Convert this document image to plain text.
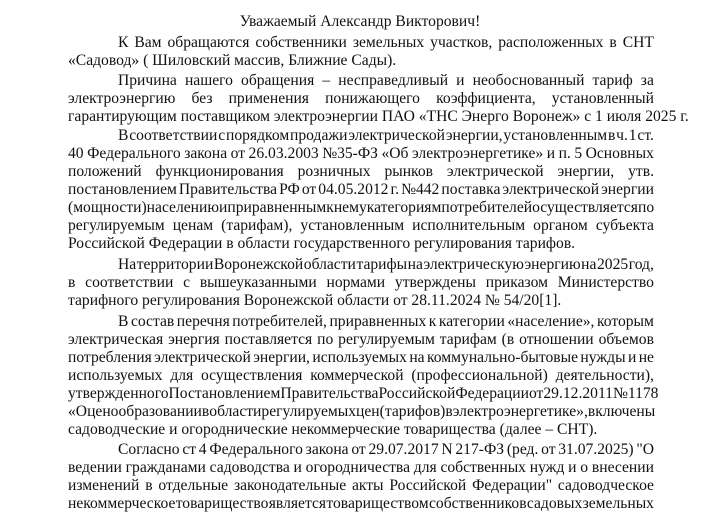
Уважаемый Александр Викторович!
К Вам обращаются собственники земельных участков, расположенных в СНТ
«Садовод» ( Шиловский массив, Ближние Сады).
Причина нашего обращения – несправедливый и необоснованный тариф за
электроэнергию без применения понижающего коэффициента, установленный
гарантирующим поставщиком электроэнергии ПАО «ТНС Энерго Воронеж» с 1 июля 2025 г.
В соответствии с порядком продажи электрической энергии, установленным в ч. 1 ст.
40 Федерального закона от 26.03.2003 №35-ФЗ «Об электроэнергетике» и п. 5 Основных
положений функционирования розничных рынков электрической энергии, утв.
постановлением Правительства РФ от 04.05.2012 г. №442 поставка электрической энергии
(мощности) населению и приравненным к нему категориям потребителей осуществляется по
регулируемым ценам (тарифам), установленным исполнительным органом субъекта
Российской Федерации в области государственного регулирования тарифов.
На территории Воронежской области тарифы на электрическую энергию на 2025 год,
в соответствии с вышеуказанными нормами утверждены приказом Министерство
тарифного регулирования Воронежской области от 28.11.2024 № 54/20[1].
В состав перечня потребителей, приравненных к категории «население», которым
электрическая энергия поставляется по регулируемым тарифам (в отношении объемов
потребления электрической энергии, используемых на коммунально-бытовые нужды и не
используемых для осуществления коммерческой (профессиональной) деятельности),
утвержденного Постановлением Правительства Российской Федерации от 29.12.2011 № 1178
«О ценообразовании в области регулируемых цен (тарифов) в электроэнергетике», включены
садоводческие и огороднические некоммерческие товарищества (далее – СНТ).
Согласно ст 4 Федерального закона от 29.07.2017 N 217-ФЗ (ред. от 31.07.2025) "О
ведении гражданами садоводства и огородничества для собственных нужд и о внесении
изменений в отдельные законодательные акты Российской Федерации" садоводческое
некоммерческое товарищество является товариществом собственников садовых земельных
